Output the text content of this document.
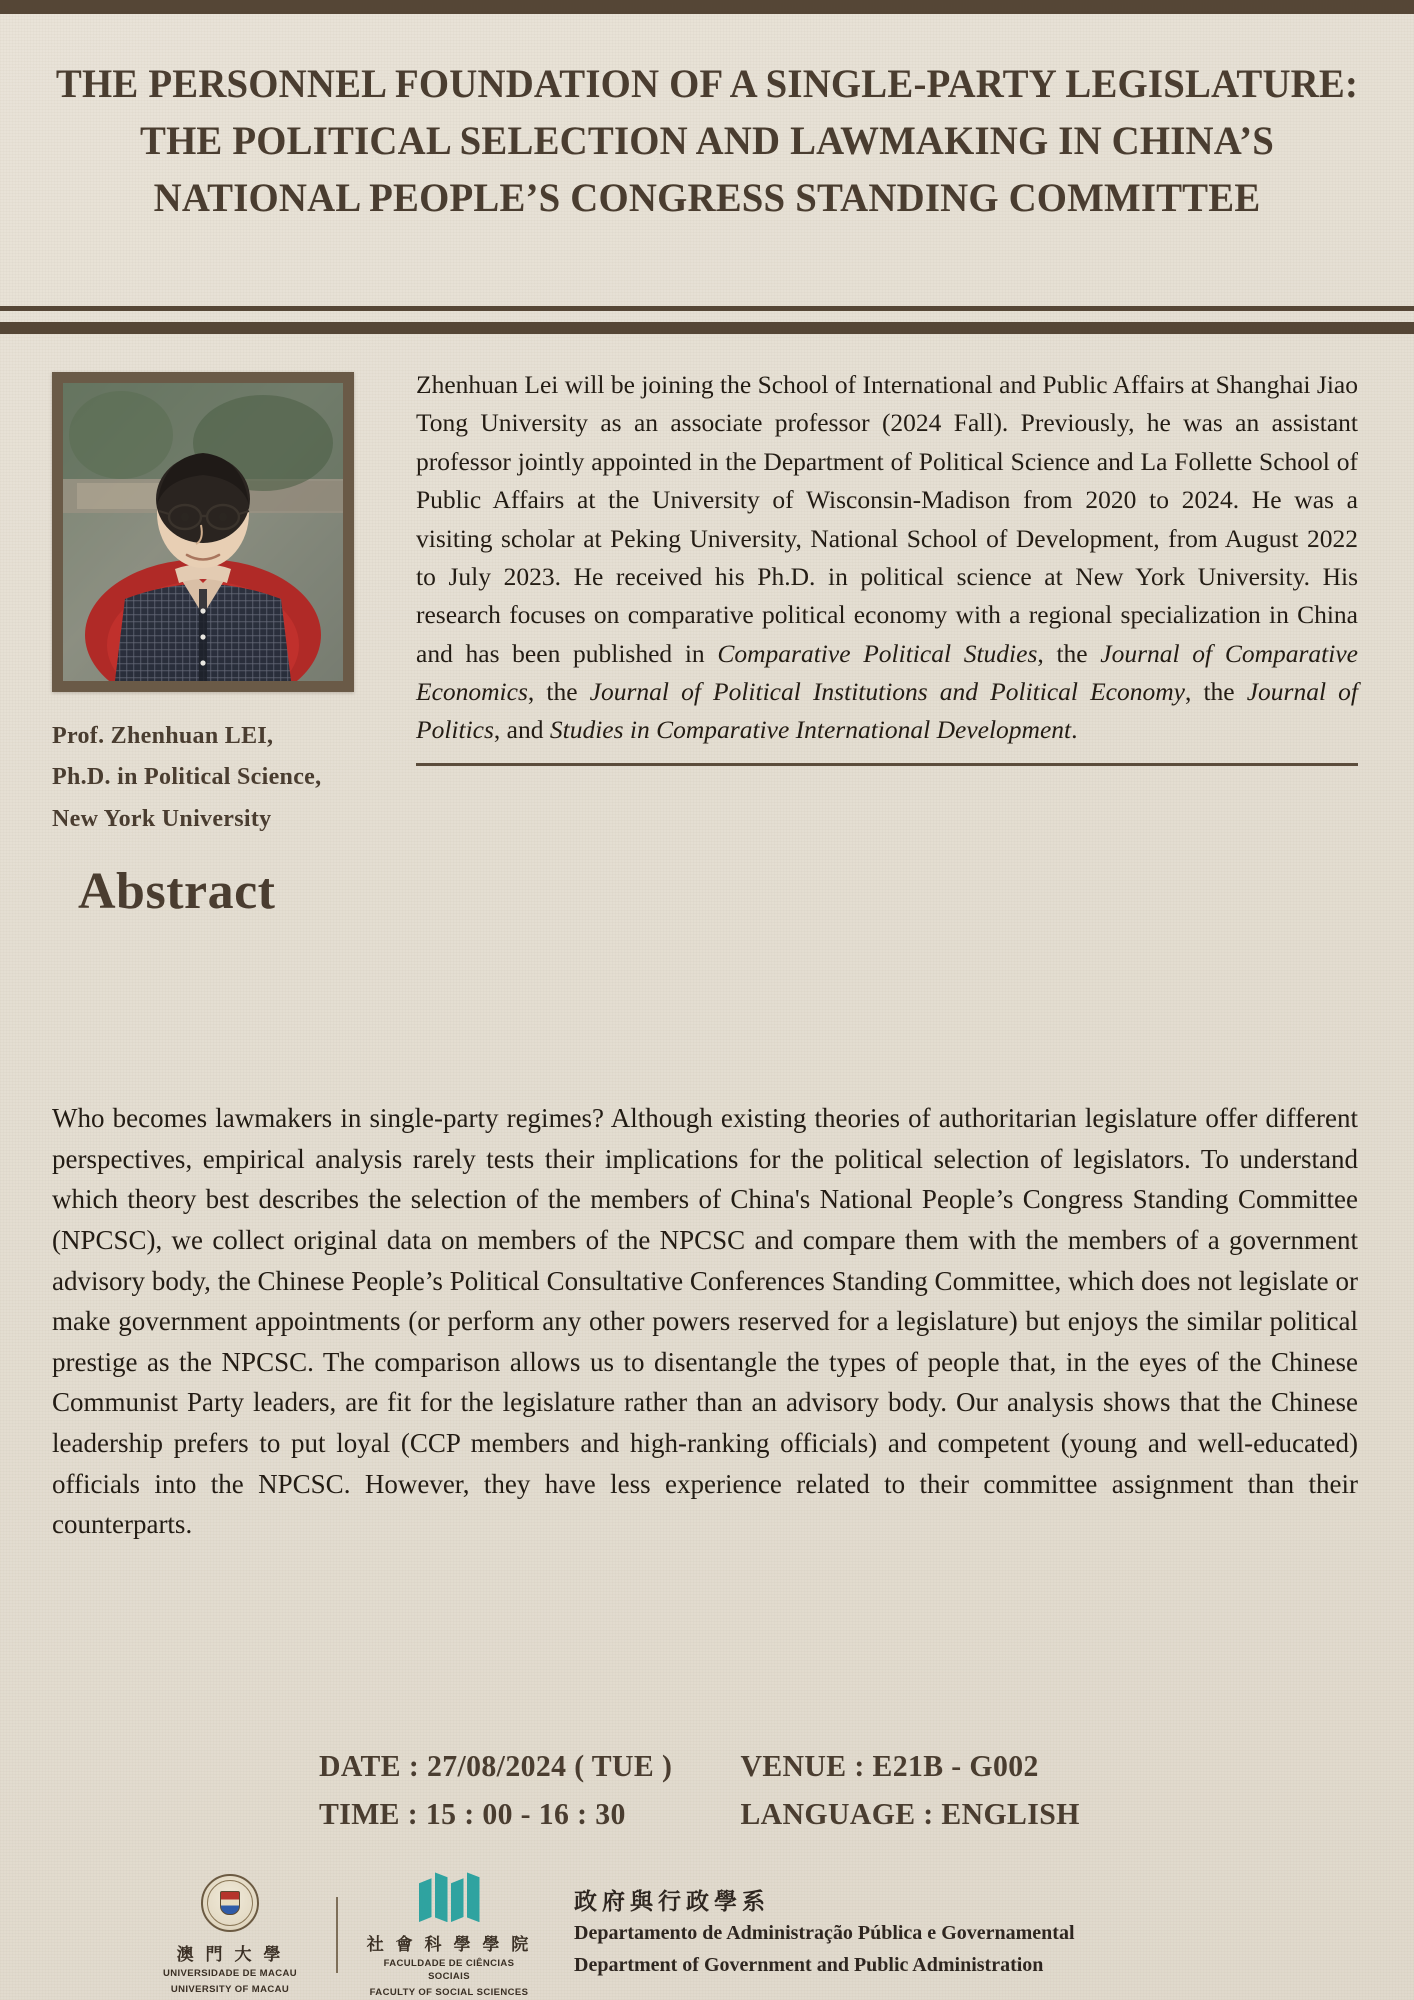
THE PERSONNEL FOUNDATION OF A SINGLE-PARTY LEGISLATURE: THE POLITICAL SELECTION AND LAWMAKING IN CHINA’S NATIONAL PEOPLE’S CONGRESS STANDING COMMITTEE
Prof. Zhenhuan LEI,
Ph.D. in Political Science,
New York University
Abstract
Zhenhuan Lei will be joining the School of International and Public Affairs at Shanghai Jiao Tong University as an associate professor (2024 Fall). Previously, he was an assistant professor jointly appointed in the Department of Political Science and La Follette School of Public Affairs at the University of Wisconsin-Madison from 2020 to 2024. He was a visiting scholar at Peking University, National School of Development, from August 2022 to July 2023. He received his Ph.D. in political science at New York University. His research focuses on comparative political economy with a regional specialization in China and has been published in Comparative Political Studies, the Journal of Comparative Economics, the Journal of Political Institutions and Political Economy, the Journal of Politics, and Studies in Comparative International Development.
Who becomes lawmakers in single-party regimes? Although existing theories of authoritarian legislature offer different perspectives, empirical analysis rarely tests their implications for the political selection of legislators. To understand which theory best describes the selection of the members of China's National People’s Congress Standing Committee (NPCSC), we collect original data on members of the NPCSC and compare them with the members of a government advisory body, the Chinese People’s Political Consultative Conferences Standing Committee, which does not legislate or make government appointments (or perform any other powers reserved for a legislature) but enjoys the similar political prestige as the NPCSC. The comparison allows us to disentangle the types of people that, in the eyes of the Chinese Communist Party leaders, are fit for the legislature rather than an advisory body. Our analysis shows that the Chinese leadership prefers to put loyal (CCP members and high-ranking officials) and competent (young and well-educated) officials into the NPCSC. However, they have less experience related to their committee assignment than their counterparts.
DATE : 27/08/2024 ( TUE )
TIME : 15 : 00 - 16 : 30
VENUE : E21B - G002
LANGUAGE : ENGLISH
澳 門 大 學
UNIVERSIDADE DE MACAU
UNIVERSITY OF MACAU
社 會 科 學 學 院
FACULDADE DE CIÊNCIAS SOCIAIS
FACULTY OF SOCIAL SCIENCES
政府與行政學系
Departamento de Administração Pública e Governamental
Department of Government and Public Administration
